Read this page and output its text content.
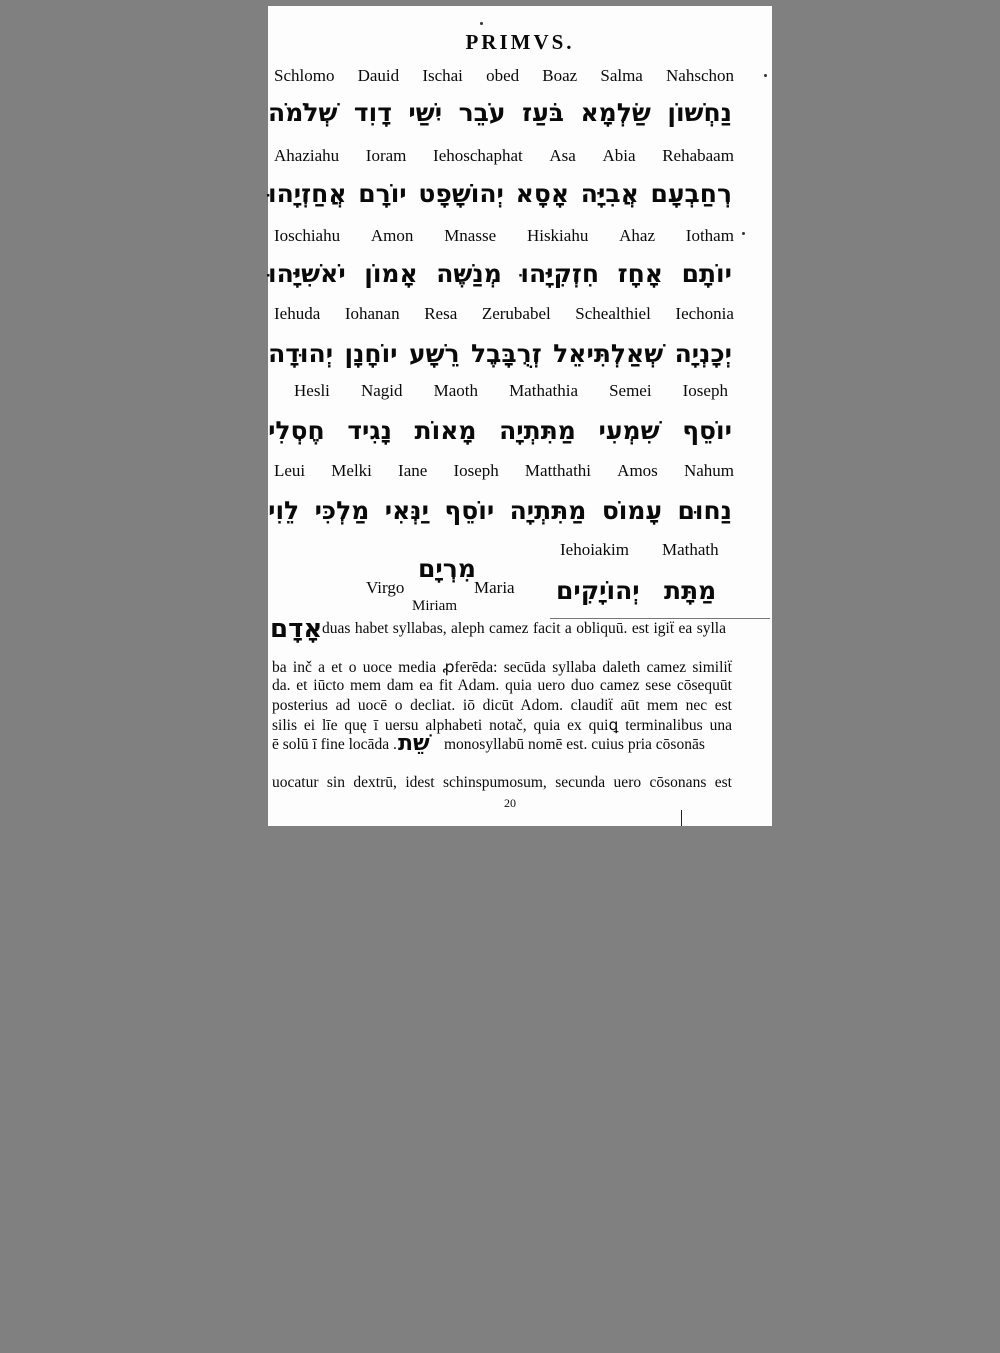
PRIMVS.
Schlomo Dauid Ischai obed Boaz Salma Nahschon
נַחְשׁוֹן
שַׂלְמָא
בֹּעַז
עֹבֵר
יִשַׁי
דָוִד
שְׁלֹמֹה
Ahaziahu Ioram Iehoschaphat Asa Abia Rehabaam
רְחַבְעָם
אֲבִיָּה
אָסָא
יְהוֹשָׁפָט
יוֹרָם
אֲחַזְיָהוּ
Ioschiahu Amon Mnasse Hiskiahu Ahaz Iotham
יוֹתָם
אָחָז
חִזְקִיָּהוּ
מְנַשֶּׁה
אָמוֹן
יֹאשִׁיָּהוּ
Iehuda Iohanan Resa Zerubabel Schealthiel Iechonia
יְכָנְיָה
שְׁאַלְתִּיאֵל
זְרֻבָּבֶל
רֵשָׁע
יוֹחָנָן
יְהוּדָה
Hesli Nagid Maoth Mathathia Semei Ioseph
יוֹסֵף
שִׁמְעִי
מַתִּתְיָה
מָאוֹת
נָגִיד
חֶסְלִי
Leui Melki Iane Ioseph Matthathi Amos Nahum
נַחוּם
עָמוֹס
מַתִּתְיָה
יוֹסֵף
יַנְּאִי
מַלְכִּי
לֵוִי
Iehoiakim Mathath
מִרְיָם
Virgo	Maria
Miriam
יְהוֹיָקִים מַתָּת
אָדָם duas habet syllabas, aleph camez facit a obliquū. est igiẗ ea sylla
ba inč a et o uoce media ꝓferēda: secūda syllaba daleth camez similiẗ
da. et iūcto mem dam ea fit Adam. quia uero duo camez sese cōsequūt
posterius ad uocē o decliat. iō dicūt Adom. claudiẗ aūt mem nec est
silis ei līe quę ī uersu alphabeti notač, quia ex quiꝗ terminalibus una
ē solū ī fine locāda . שֵׁת monosyllabū nomē est. cuius pria cōsonās
uocatur sin dextrū, idest schinspumosum, secunda uero cōsonans est
20
